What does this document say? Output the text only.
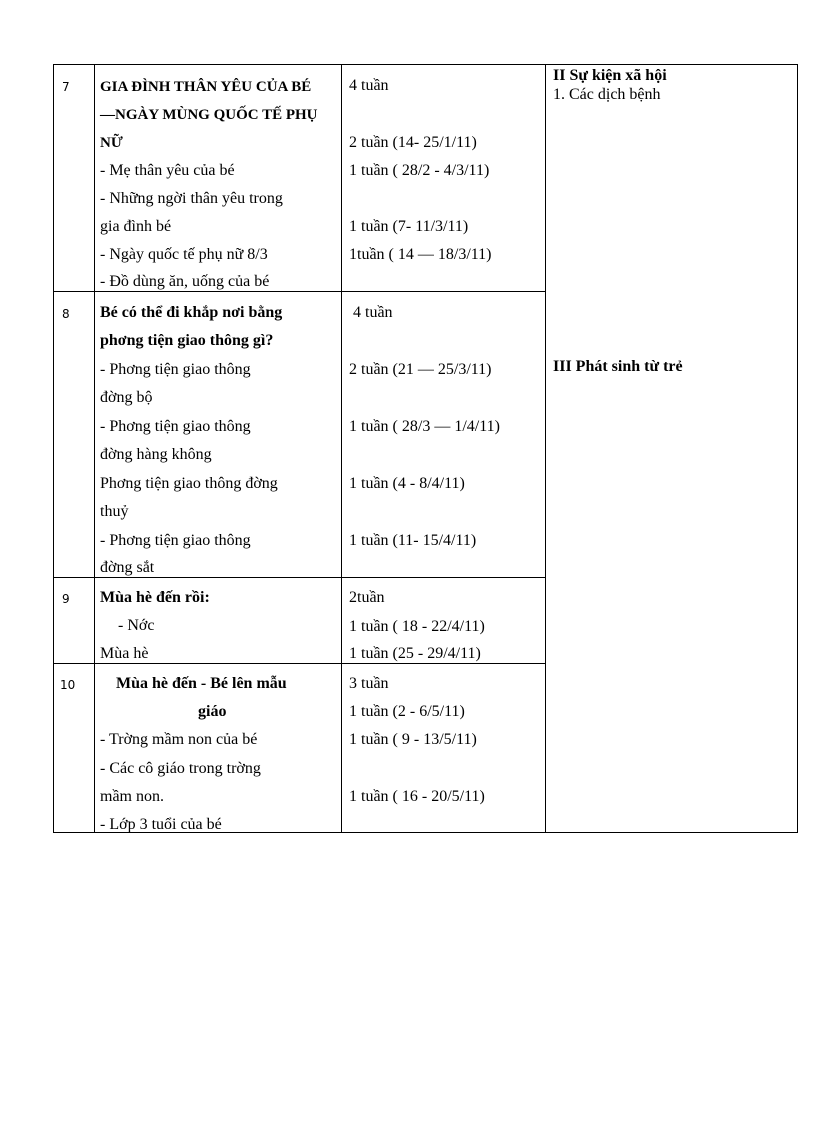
7 GIA ĐÌNH THÂN YÊU CỦA BÉ
—NGÀY MÙNG QUỐC TẾ PHỤ
NỮ
- Mẹ thân yêu của bé
- Những ngời thân yêu trong
gia đình bé
- Ngày quốc tế phụ nữ 8/3
- Đồ dùng ăn, uống của bé
4 tuần
2 tuần (14- 25/1/11)
1 tuần ( 28/2 - 4/3/11)
1 tuần (7- 11/3/11)
1tuần ( 14 — 18/3/11)
8 Bé có thể đi khắp nơi bằng
phơng tiện giao thông gì?
- Phơng tiện giao thông
đờng bộ
- Phơng tiện giao thông
đờng hàng không
Phơng tiện giao thông đờng
thuỷ
- Phơng tiện giao thông
đờng sắt
4 tuần
2 tuần (21 — 25/3/11)
1 tuần ( 28/3 — 1/4/11)
1 tuần (4 - 8/4/11)
1 tuần (11- 15/4/11)
9 Mùa hè đến rồi:
- Nớc
Mùa hè
2tuần
1 tuần ( 18 - 22/4/11)
1 tuần (25 - 29/4/11)
10	Mùa hè đến - Bé lên mẫu
giáo
- Trờng mầm non của bé
- Các cô giáo trong trờng
mầm non.
- Lớp 3 tuổi của bé
3 tuần
1 tuần (2 - 6/5/11)
1 tuần ( 9 - 13/5/11)
1 tuần ( 16 - 20/5/11)
II Sự kiện xã hội
1. Các dịch bệnh
III Phát sinh từ trẻ
